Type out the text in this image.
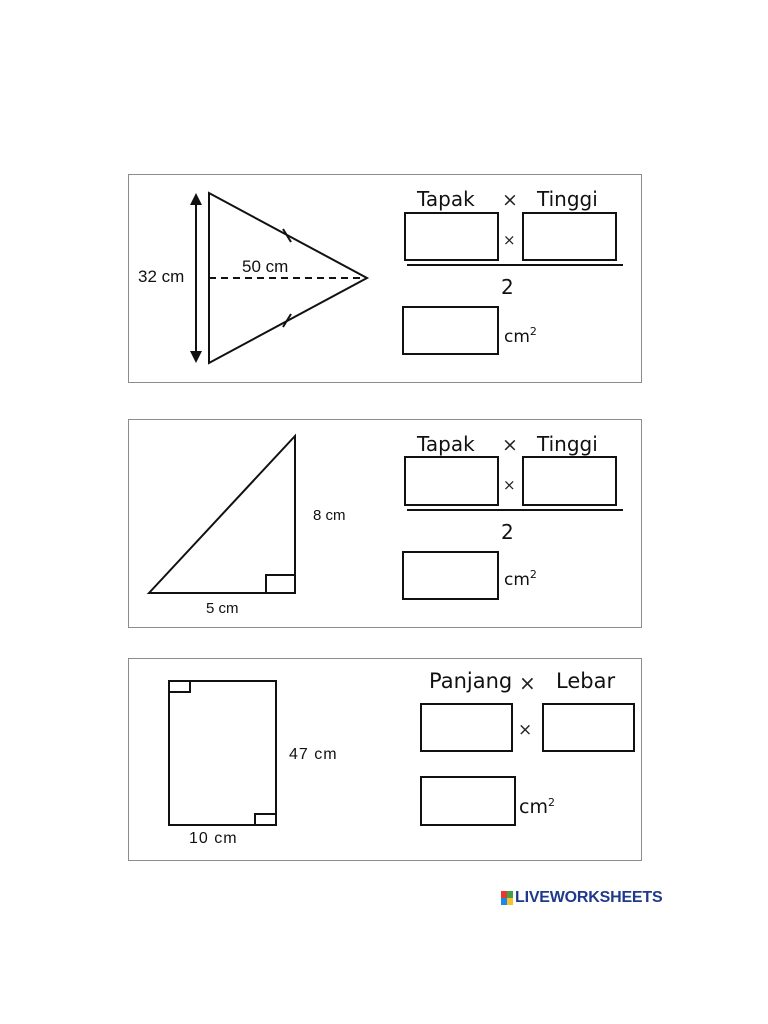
32 cm
50 cm
Tapak × Tinggi
×
2
$cm^2$
8 cm
5 cm
Tapak × Tinggi
×
2
$cm^2$
47 cm
10 cm
Panjang × Lebar
×
$cm^2$
LIVEWORKSHEETS
